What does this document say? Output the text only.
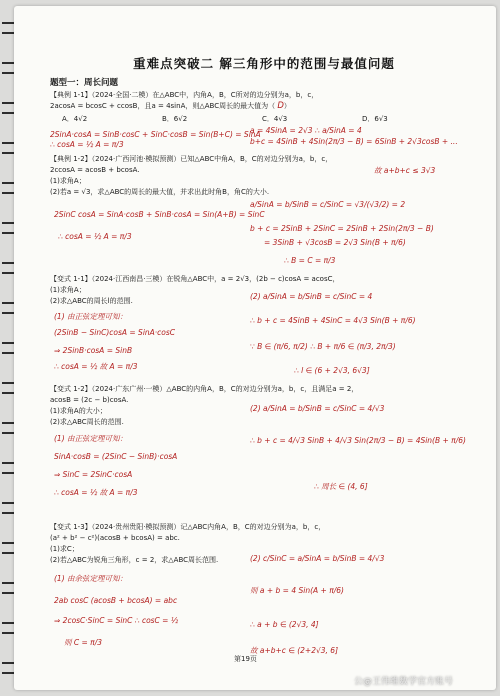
重难点突破二 解三角形中的范围与最值问题
题型一：周长问题
【典例 1-1】（2024·全国·二模）在△ABC中，内角A，B，C所对的边分别为a，b，c，
2acosA = bcosC + ccosB，且a = 4sinA，则△ABC周长的最大值为（ D）
A．4√2	B．6√2	C．4√3	D．6√3
2SinA·cosA = SinB·cosC + SinC·cosB = Sin(B+C) = SinA
∴ cosA = ½ A = π/3
a = 4SinA = 2√3 ∴ a/SinA = 4
b+c = 4SinB + 4Sin(2π/3 − B) = 6SinB + 2√3cosB + ...
【典例 1-2】（2024·广西河池·模拟预测）已知△ABC中角A，B，C的对边分别为a，b，c，
2ccosA = acosB + bcosA.
(1)求角A；
(2)若a = √3，求△ABC的周长的最大值，并求出此时角B，角C的大小.
故 a+b+c ≤ 3√3
2SinC cosA = SinA·cosB + SinB·cosA = Sin(A+B) = SinC
∴ cosA = ½ A = π/3
a/SinA = b/SinB = c/SinC = √3/(√3/2) = 2
b + c = 2SinB + 2SinC = 2SinB + 2Sin(2π/3 − B)
= 3SinB + √3cosB = 2√3 Sin(B + π/6)
∴ B = C = π/3
【变式 1-1】（2024·江西南昌·三模）在锐角△ABC中，a = 2√3，(2b − c)cosA = acosC，
(1)求角A；
(2)求△ABC的周长l的范围.
(1) 由正弦定理可知：
(2SinB − SinC)cosA = SinA·cosC
⇒ 2SinB·cosA = SinB
∴ cosA = ½ 故 A = π/3
(2) a/SinA = b/SinB = c/SinC = 4
∴ b + c = 4SinB + 4SinC = 4√3 Sin(B + π/6)
∵ B ∈ (π/6, π/2) ∴ B + π/6 ∈ (π/3, 2π/3)
∴ l ∈ (6 + 2√3, 6√3]
【变式 1-2】（2024·广东广州·一模）△ABC的内角A，B，C的对边分别为a，b，c，且满足a = 2，
acosB = (2c − b)cosA.
(1)求角A的大小；
(2)求△ABC周长的范围.
(1) 由正弦定理可知：
SinA·cosB = (2SinC − SinB)·cosA
⇒ SinC = 2SinC·cosA
∴ cosA = ½ 故 A = π/3
(2) a/SinA = b/SinB = c/SinC = 4/√3
∴ b + c = 4/√3 SinB + 4/√3 Sin(2π/3 − B) = 4Sin(B + π/6)
∴ 周长 ∈ (4, 6]
【变式 1-3】（2024·贵州贵阳·模拟预测）记△ABC内角A，B，C的对边分别为a，b，c，
(a² + b² − c²)(acosB + bcosA) = abc.
(1)求C；
(2)若△ABC为锐角三角形，c = 2，求△ABC周长范围.
(1) 由余弦定理可知：
2ab cosC (acosB + bcosA) = abc
⇒ 2cosC·SinC = SinC ∴ cosC = ½
则 C = π/3
(2) c/SinC = a/SinA = b/SinB = 4/√3
则 a + b = 4 Sin(A + π/6)
∴ a + b ∈ (2√3, 4]
故 a+b+c ∈ (2+2√3, 6]
第19页
公@王伟维数学官方账号
